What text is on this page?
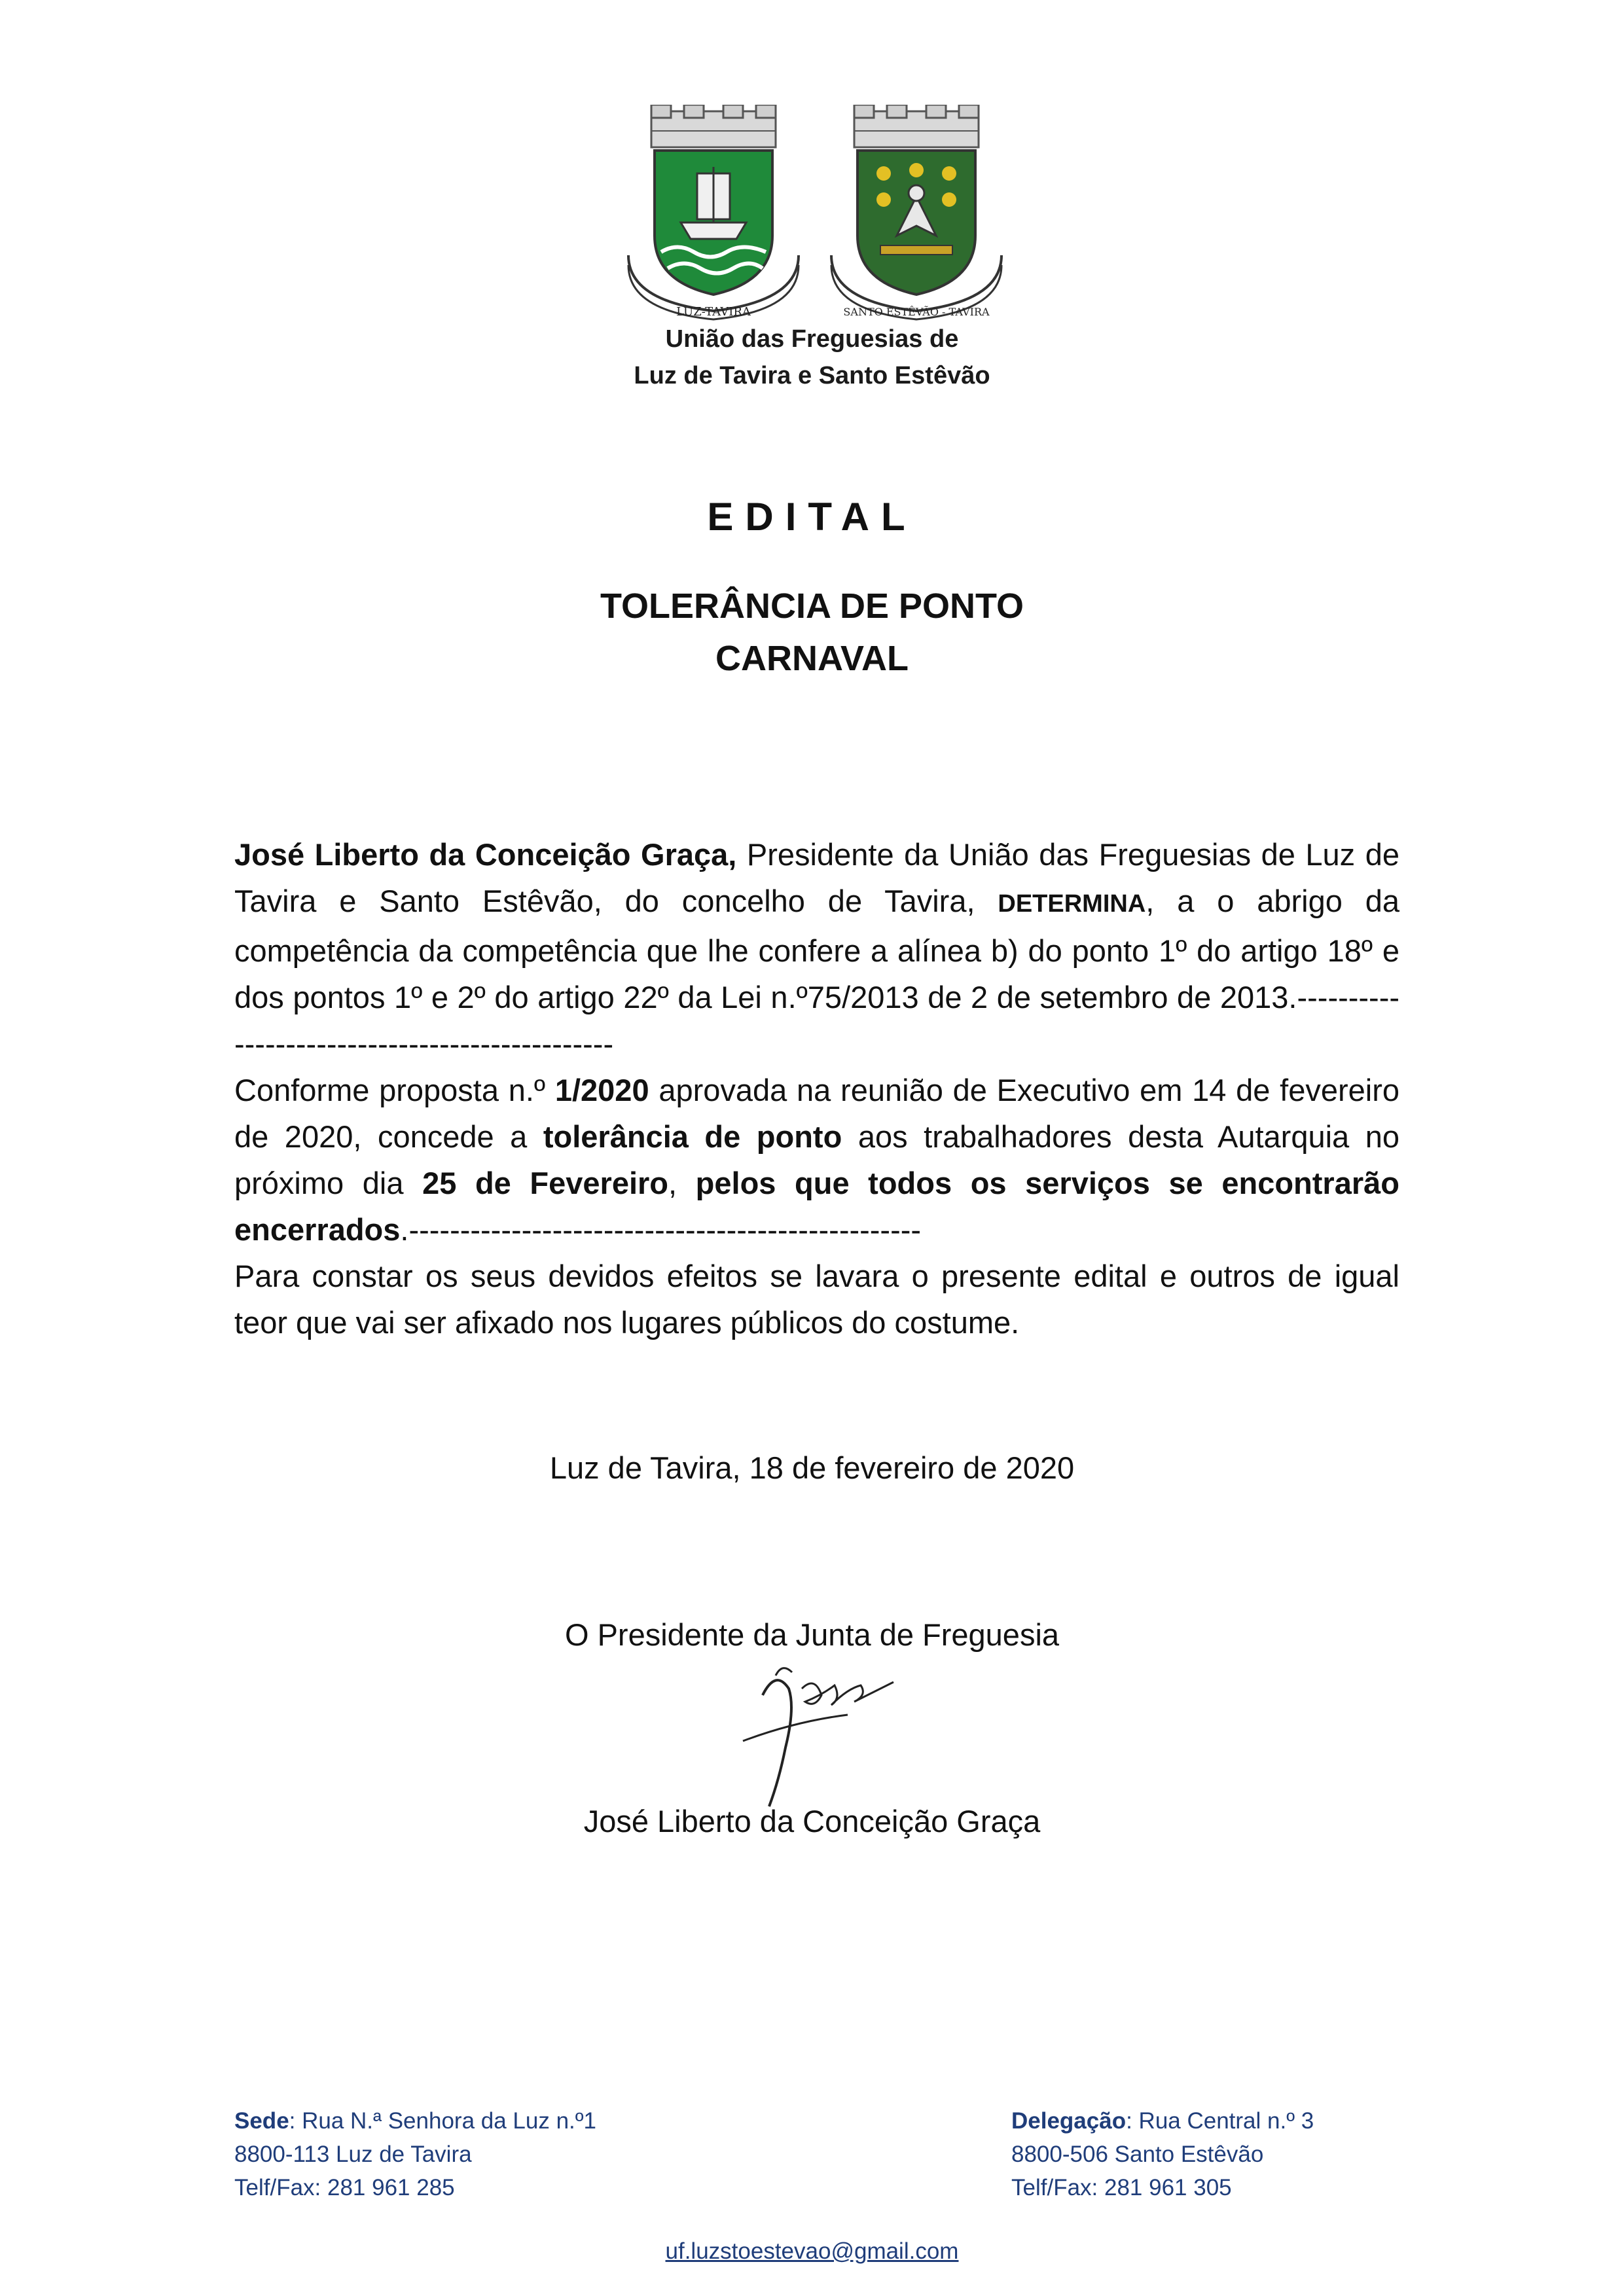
LUZ-TAVIRA	SANTO ESTÊVÃO - TAVIRA
União das Freguesias de
Luz de Tavira e Santo Estêvão
EDITAL
TOLERÂNCIA DE PONTO
CARNAVAL

José Liberto da Conceição Graça, Presidente da União das Freguesias de Luz de Tavira e Santo Estêvão, do concelho de Tavira, DETERMINA, a o abrigo da competência da competência que lhe confere a alínea b) do ponto 1º do artigo 18º e dos pontos 1º e 2º do artigo 22º da Lei n.º75/2013 de 2 de setembro de 2013.-----------------------------------------------

Conforme proposta n.º 1/2020 aprovada na reunião de Executivo em 14 de fevereiro de 2020, concede a tolerância de ponto aos trabalhadores desta Autarquia no próximo dia 25 de Fevereiro, pelos que todos os serviços se encontrarão encerrados.--------------------------------------------------

Para constar os seus devidos efeitos se lavara o presente edital e outros de igual teor que vai ser afixado nos lugares públicos do costume.

Luz de Tavira, 18 de fevereiro de 2020
O Presidente da Junta de Freguesia
José Liberto da Conceição Graça
Sede: Rua N.ª Senhora da Luz n.º1
8800-113 Luz de Tavira
Telf/Fax: 281 961 285
Delegação: Rua Central n.º 3
8800-506 Santo Estêvão
Telf/Fax: 281 961 305
uf.luzstoestevao@gmail.com
